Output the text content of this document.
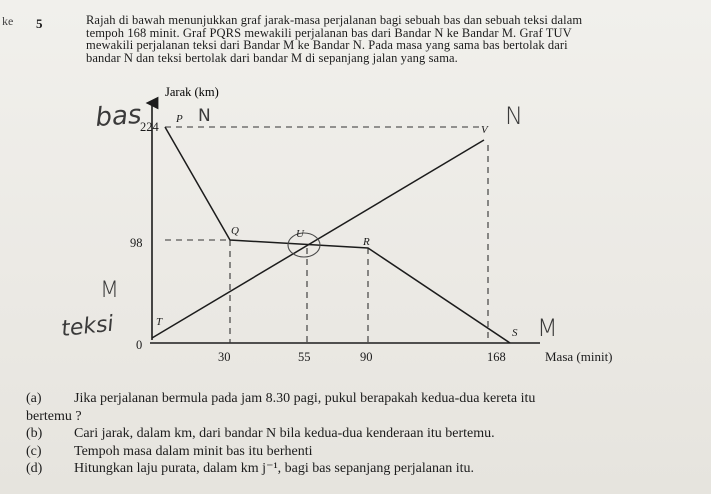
ke 5	Rajah di bawah menunjukkan graf jarak-masa perjalanan bagi sebuah bas dan sebuah teksi dalam
tempoh 168 minit. Graf PQRS mewakili perjalanan bas dari Bandar N ke Bandar M. Graf TUV
mewakili perjalanan teksi dari Bandar M ke Bandar N. Pada masa yang sama bas bertolak dari
bandar N dan teksi bertolak dari bandar M di sepanjang jalan yang sama.
Jarak (km)
224
98
0
30	55	90	168	Masa (minit)
P
Q
R
S
T
V
U
bas	N
N
M
teksi	M
(a) Jika perjalanan bermula pada jam 8.30 pagi, pukul berapakah kedua-dua kereta itu
bertemu ?
(b) Cari jarak, dalam km, dari bandar N bila kedua-dua kenderaan itu bertemu.
(c) Tempoh masa dalam minit bas itu berhenti
(d) Hitungkan laju purata, dalam km j⁻¹, bagi bas sepanjang perjalanan itu.
